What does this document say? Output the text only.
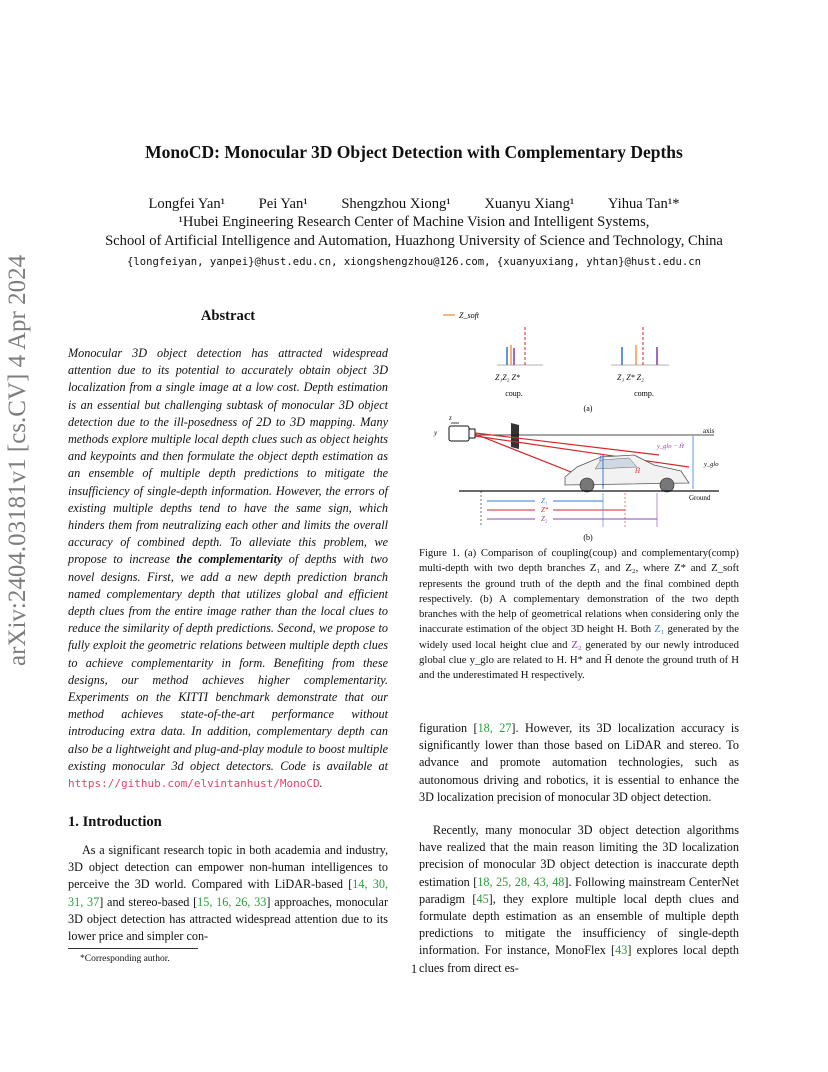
arXiv:2404.03181v1 [cs.CV] 4 Apr 2024
MonoCD: Monocular 3D Object Detection with Complementary Depths
Longfei Yan¹ Pei Yan¹ Shengzhou Xiong¹ Xuanyu Xiang¹ Yihua Tan¹*
¹Hubei Engineering Research Center of Machine Vision and Intelligent Systems,
School of Artificial Intelligence and Automation, Huazhong University of Science and Technology, China
{longfeiyan, yanpei}@hust.edu.cn, xiongshengzhou@126.com, {xuanyuxiang, yhtan}@hust.edu.cn
Abstract
Monocular 3D object detection has attracted widespread attention due to its potential to accurately obtain object 3D localization from a single image at a low cost. Depth estimation is an essential but challenging subtask of monocular 3D object detection due to the ill-posedness of 2D to 3D mapping. Many methods explore multiple local depth clues such as object heights and keypoints and then formulate the object depth estimation as an ensemble of multiple depth predictions to mitigate the insufficiency of single-depth information. However, the errors of existing multiple depths tend to have the same sign, which hinders them from neutralizing each other and limits the overall accuracy of combined depth. To alleviate this problem, we propose to increase the complementarity of depths with two novel designs. First, we add a new depth prediction branch named complementary depth that utilizes global and efficient depth clues from the entire image rather than the local clues to reduce the similarity of depth predictions. Second, we propose to fully exploit the geometric relations between multiple depth clues to achieve complementarity in form. Benefiting from these designs, our method achieves higher complementarity. Experiments on the KITTI benchmark demonstrate that our method achieves state-of-the-art performance without introducing extra data. In addition, complementary depth can also be a lightweight and plug-and-play module to boost multiple existing monocular 3d object detectors. Code is available at https://github.com/elvintanhust/MonoCD.
1. Introduction
As a significant research topic in both academia and industry, 3D object detection can empower non-human intelligences to perceive the 3D world. Compared with LiDAR-based [14, 30, 31, 37] and stereo-based [15, 16, 26, 33] approaches, monocular 3D object detection has attracted widespread attention due to its lower price and simpler con-
*Corresponding author.
Z_soft
Z₁Z₂ Z*
coup.
Z₁ Z* Z₂
comp.
(a)
z
y	axis
H
H̃
y_glo − H̃
y_glo
Ground
Z₁
Z*
Z₂
(b)
Figure 1. (a) Comparison of coupling(coup) and complementary(comp) multi-depth with two depth branches Z₁ and Z₂, where Z* and Z_soft represents the ground truth of the depth and the final combined depth respectively. (b) A complementary demonstration of the two depth branches with the help of geometrical relations when considering only the inaccurate estimation of the object 3D height H. Both Z₁ generated by the widely used local height clue and Z₂ generated by our newly introduced global clue y_glo are related to H. H* and H̃ denote the ground truth of H and the underestimated H respectively.
figuration [18, 27]. However, its 3D localization accuracy is significantly lower than those based on LiDAR and stereo. To advance and promote automation technologies, such as autonomous driving and robotics, it is essential to enhance the 3D localization precision of monocular 3D object detection.
Recently, many monocular 3D object detection algorithms have realized that the main reason limiting the 3D localization precision of monocular 3D object detection is inaccurate depth estimation [18, 25, 28, 43, 48]. Following mainstream CenterNet paradigm [45], they explore multiple local depth clues and formulate depth estimation as an ensemble of multiple depth predictions to mitigate the insufficiency of single-depth information. For instance, MonoFlex [43] explores local depth clues from direct es-
1
